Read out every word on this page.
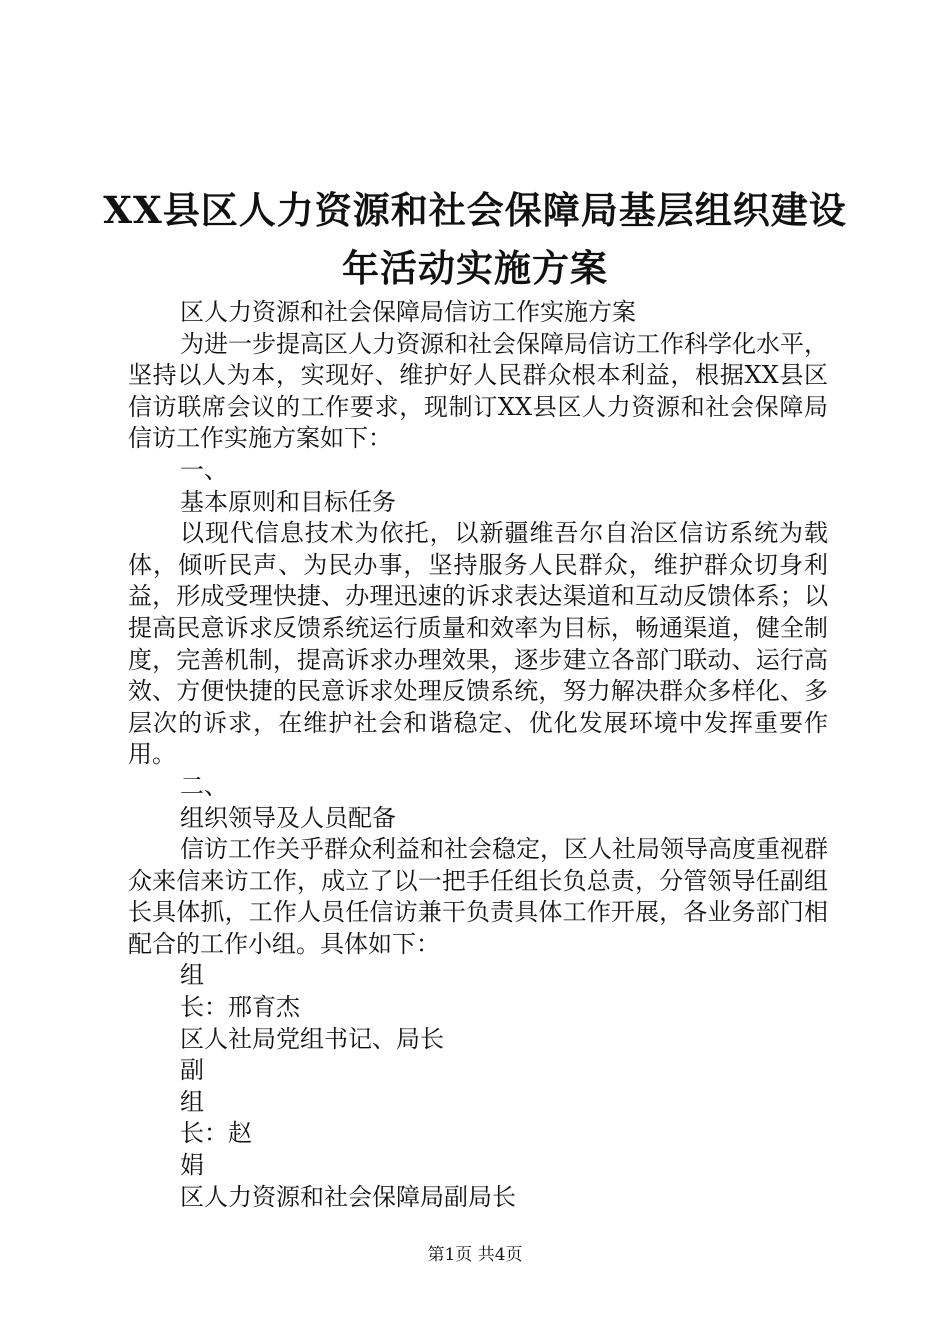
XX县区人力资源和社会保障局基层组织建设
年活动实施方案

区人力资源和社会保障局信访工作实施方案

为进一步提高区人力资源和社会保障局信访工作科学化水平，坚持以人为本，实现好、维护好人民群众根本利益，根据XX县区信访联席会议的工作要求，现制订XX县区人力资源和社会保障局信访工作实施方案如下：

一、

基本原则和目标任务

以现代信息技术为依托，以新疆维吾尔自治区信访系统为载体，倾听民声、为民办事，坚持服务人民群众，维护群众切身利益，形成受理快捷、办理迅速的诉求表达渠道和互动反馈体系；以提高民意诉求反馈系统运行质量和效率为目标，畅通渠道，健全制度，完善机制，提高诉求办理效果，逐步建立各部门联动、运行高效、方便快捷的民意诉求处理反馈系统，努力解决群众多样化、多层次的诉求，在维护社会和谐稳定、优化发展环境中发挥重要作用。

二、

组织领导及人员配备

信访工作关乎群众利益和社会稳定，区人社局领导高度重视群众来信来访工作，成立了以一把手任组长负总责，分管领导任副组长具体抓，工作人员任信访兼干负责具体工作开展，各业务部门相配合的工作小组。具体如下：

组

长：邢育杰

区人社局党组书记、局长

副

组

长：赵

娟

区人力资源和社会保障局副局长

第1页 共4页
